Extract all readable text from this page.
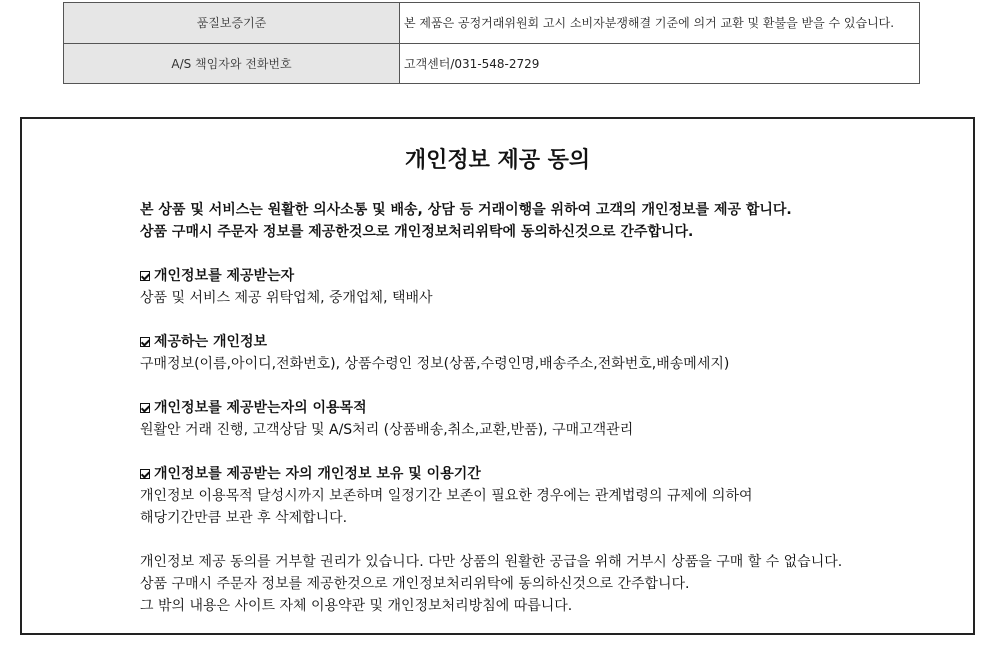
품질보증기준	본 제품은 공정거래위원회 고시 소비자분쟁해결 기준에 의거 교환 및 환불을 받을 수 있습니다.
A/S 책임자와 전화번호	고객센터/031-548-2729
개인정보 제공 동의

본 상품 및 서비스는 원활한 의사소통 및 배송, 상담 등 거래이행을 위하여 고객의 개인정보를 제공 합니다.
상품 구매시 주문자 정보를 제공한것으로 개인정보처리위탁에 동의하신것으로 간주합니다.

개인정보를 제공받는자
상품 및 서비스 제공 위탁업체, 중개업체, 택배사
제공하는 개인정보
구매정보(이름,아이디,전화번호), 상품수령인 정보(상품,수령인명,배송주소,전화번호,배송메세지)
개인정보를 제공받는자의 이용목적
원활안 거래 진행, 고객상담 및 A/S처리 (상품배송,취소,교환,반품), 구매고객관리
개인정보를 제공받는 자의 개인정보 보유 및 이용기간
개인정보 이용목적 달성시까지 보존하며 일정기간 보존이 필요한 경우에는 관계법령의 규제에 의하여
해당기간만큼 보관 후 삭제합니다.

개인정보 제공 동의를 거부할 권리가 있습니다. 다만 상품의 원활한 공급을 위해 거부시 상품을 구매 할 수 없습니다.
상품 구매시 주문자 정보를 제공한것으로 개인정보처리위탁에 동의하신것으로 간주합니다.
그 밖의 내용은 사이트 자체 이용약관 및 개인정보처리방침에 따릅니다.
